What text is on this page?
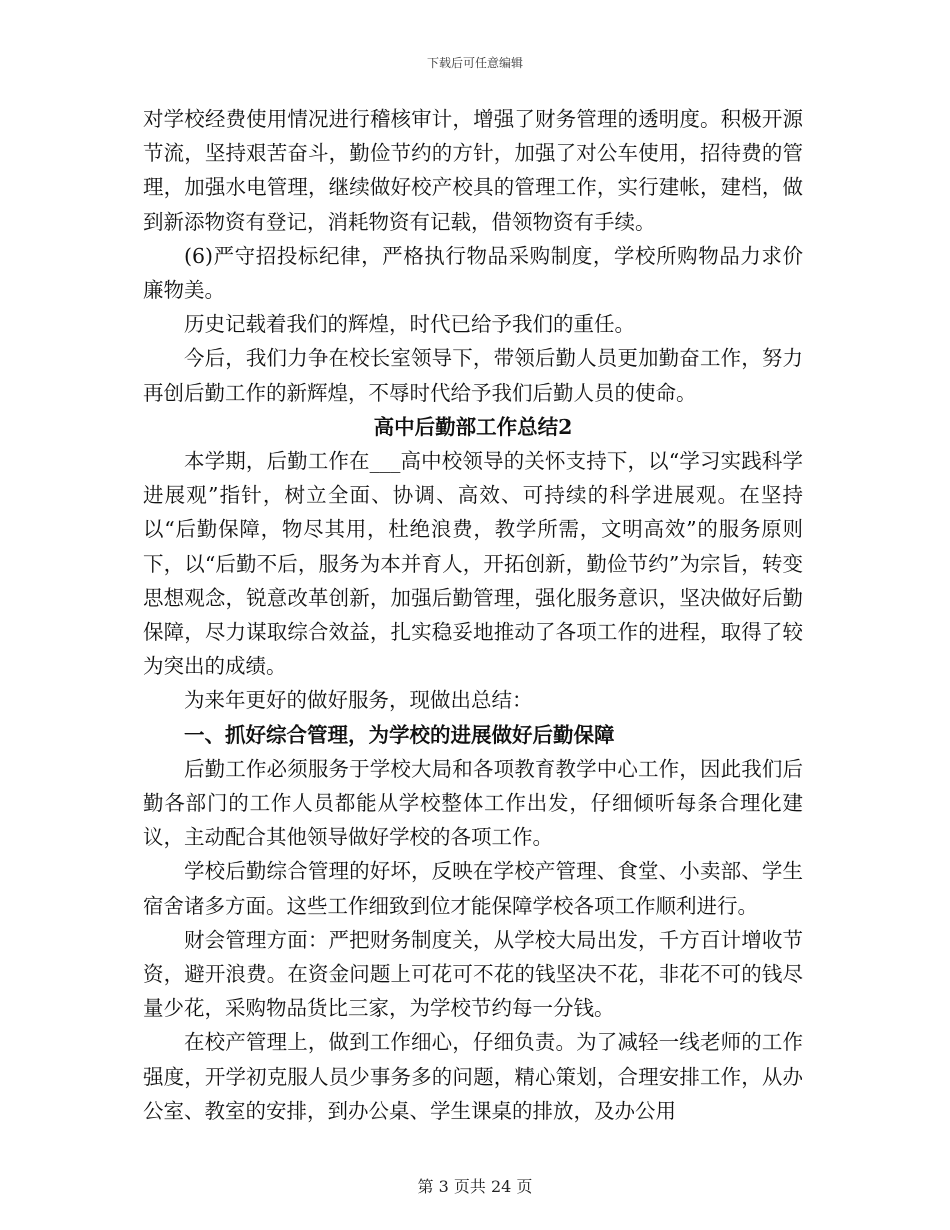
下载后可任意编辑

对学校经费使用情况进行稽核审计，增强了财务管理的透明度。积极开源节流，坚持艰苦奋斗，勤俭节约的方针，加强了对公车使用，招待费的管理，加强水电管理，继续做好校产校具的管理工作，实行建帐，建档，做到新添物资有登记，消耗物资有记载，借领物资有手续。

(6)严守招投标纪律，严格执行物品采购制度，学校所购物品力求价廉物美。

历史记载着我们的辉煌，时代已给予我们的重任。

今后，我们力争在校长室领导下，带领后勤人员更加勤奋工作，努力再创后勤工作的新辉煌，不辱时代给予我们后勤人员的使命。

高中后勤部工作总结2

本学期，后勤工作在___高中校领导的关怀支持下，以“学习实践科学进展观”指针，树立全面、协调、高效、可持续的科学进展观。在坚持以“后勤保障，物尽其用，杜绝浪费，教学所需，文明高效”的服务原则下，以“后勤不后，服务为本并育人，开拓创新，勤俭节约”为宗旨，转变思想观念，锐意改革创新，加强后勤管理，强化服务意识，坚决做好后勤保障，尽力谋取综合效益，扎实稳妥地推动了各项工作的进程，取得了较为突出的成绩。

为来年更好的做好服务，现做出总结：

一、抓好综合管理，为学校的进展做好后勤保障

后勤工作必须服务于学校大局和各项教育教学中心工作，因此我们后勤各部门的工作人员都能从学校整体工作出发，仔细倾听每条合理化建议，主动配合其他领导做好学校的各项工作。

学校后勤综合管理的好坏，反映在学校产管理、食堂、小卖部、学生宿舍诸多方面。这些工作细致到位才能保障学校各项工作顺利进行。

财会管理方面：严把财务制度关，从学校大局出发，千方百计增收节资，避开浪费。在资金问题上可花可不花的钱坚决不花，非花不可的钱尽量少花，采购物品货比三家，为学校节约每一分钱。

在校产管理上，做到工作细心，仔细负责。为了减轻一线老师的工作强度，开学初克服人员少事务多的问题，精心策划，合理安排工作，从办公室、教室的安排，到办公桌、学生课桌的排放，及办公用

第 3 页共 24 页
